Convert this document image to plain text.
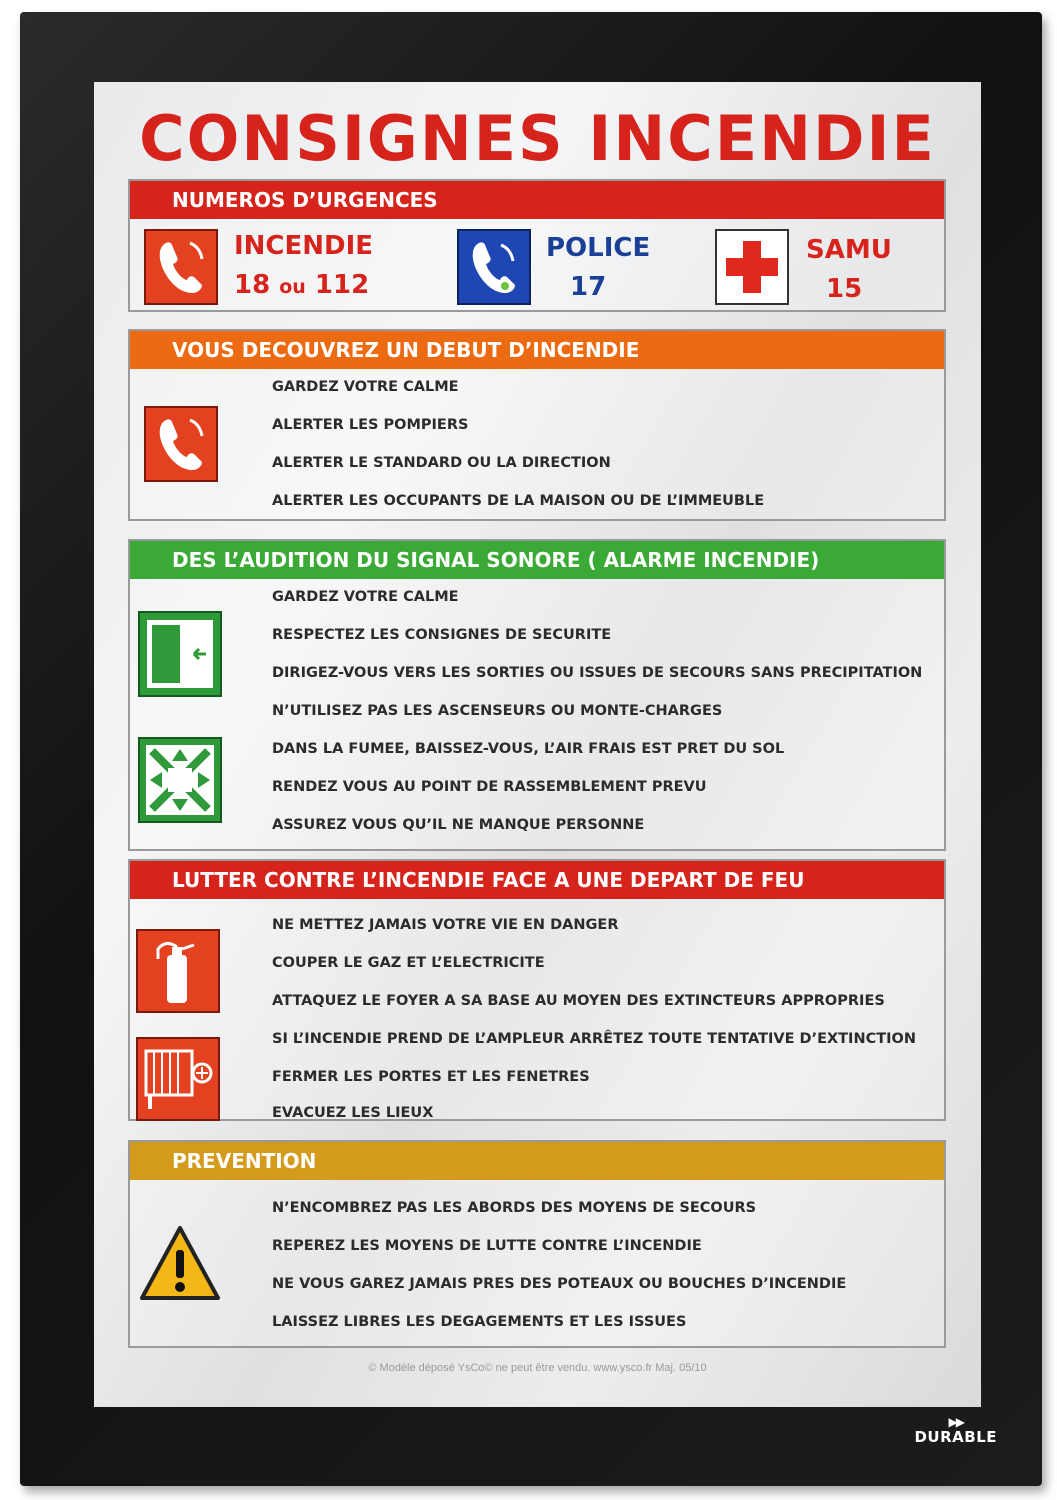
CONSIGNES INCENDIE
NUMEROS D’URGENCES
INCENDIE
18 ou 112
POLICE
17
SAMU
15
VOUS DECOUVREZ UN DEBUT D’INCENDIE
GARDEZ VOTRE CALME
ALERTER LES POMPIERS
ALERTER LE STANDARD OU LA DIRECTION
ALERTER LES OCCUPANTS DE LA MAISON OU DE L’IMMEUBLE
DES L’AUDITION DU SIGNAL SONORE ( ALARME INCENDIE)
GARDEZ VOTRE CALME
RESPECTEZ LES CONSIGNES DE SECURITE
DIRIGEZ-VOUS VERS LES SORTIES OU ISSUES DE SECOURS SANS PRECIPITATION
N’UTILISEZ PAS LES ASCENSEURS OU MONTE-CHARGES
DANS LA FUMEE, BAISSEZ-VOUS, L’AIR FRAIS EST PRET DU SOL
RENDEZ VOUS AU POINT DE RASSEMBLEMENT PREVU
ASSUREZ VOUS QU’IL NE MANQUE PERSONNE
LUTTER CONTRE L’INCENDIE FACE A UNE DEPART DE FEU
NE METTEZ JAMAIS VOTRE VIE EN DANGER
COUPER LE GAZ ET L’ELECTRICITE
ATTAQUEZ LE FOYER A SA BASE AU MOYEN DES EXTINCTEURS APPROPRIES
SI L’INCENDIE PREND DE L’AMPLEUR ARRÊTEZ TOUTE TENTATIVE D’EXTINCTION
FERMER LES PORTES ET LES FENETRES
EVACUEZ LES LIEUX
PREVENTION
N’ENCOMBREZ PAS LES ABORDS DES MOYENS DE SECOURS
REPEREZ LES MOYENS DE LUTTE CONTRE L’INCENDIE
NE VOUS GAREZ JAMAIS PRES DES POTEAUX OU BOUCHES D’INCENDIE
LAISSEZ LIBRES LES DEGAGEMENTS ET LES ISSUES
© Modèle déposé YsCo© ne peut être vendu. www.ysco.fr Maj. 05/10
▶▶
DURABLE
